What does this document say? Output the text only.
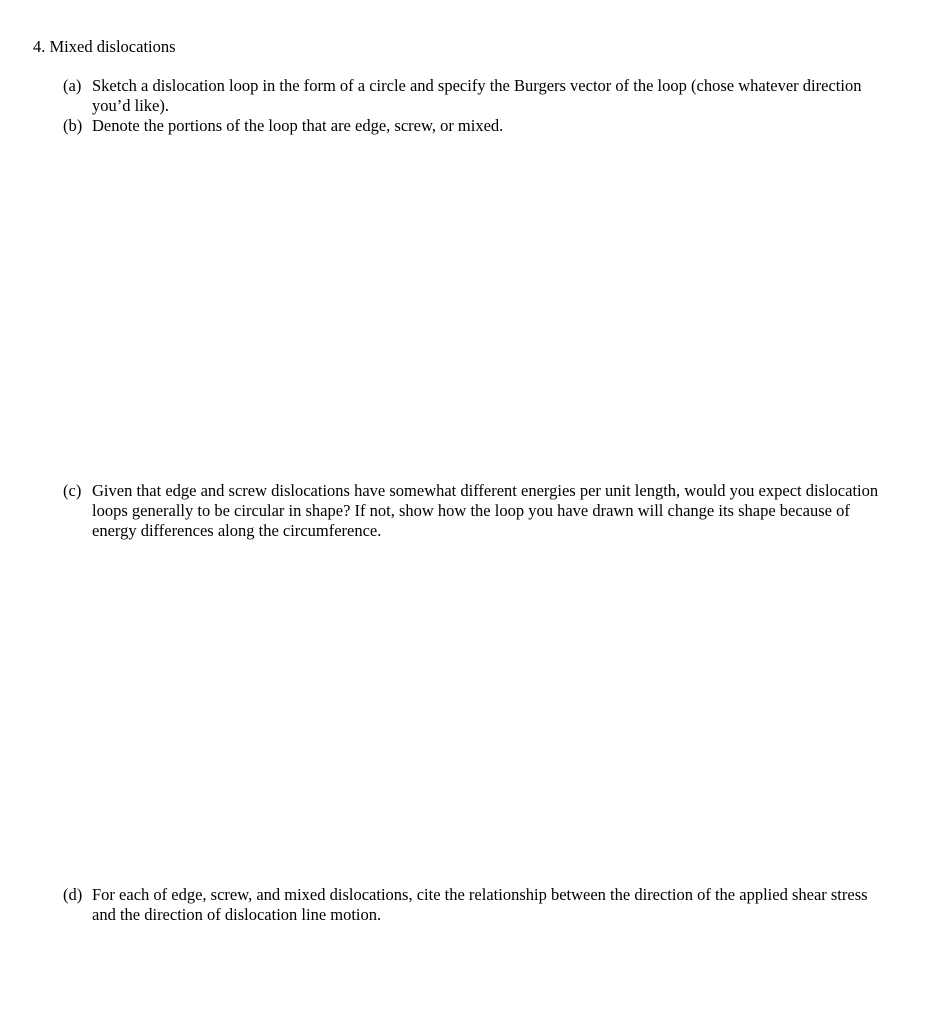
4. Mixed dislocations
(a) Sketch a dislocation loop in the form of a circle and specify the Burgers vector of the loop (chose whatever direction you’d like).
(b) Denote the portions of the loop that are edge, screw, or mixed.
(c) Given that edge and screw dislocations have somewhat different energies per unit length, would you expect dislocation loops generally to be circular in shape? If not, show how the loop you have drawn will change its shape because of energy differences along the circumference.
(d) For each of edge, screw, and mixed dislocations, cite the relationship between the direction of the applied shear stress and the direction of dislocation line motion.
